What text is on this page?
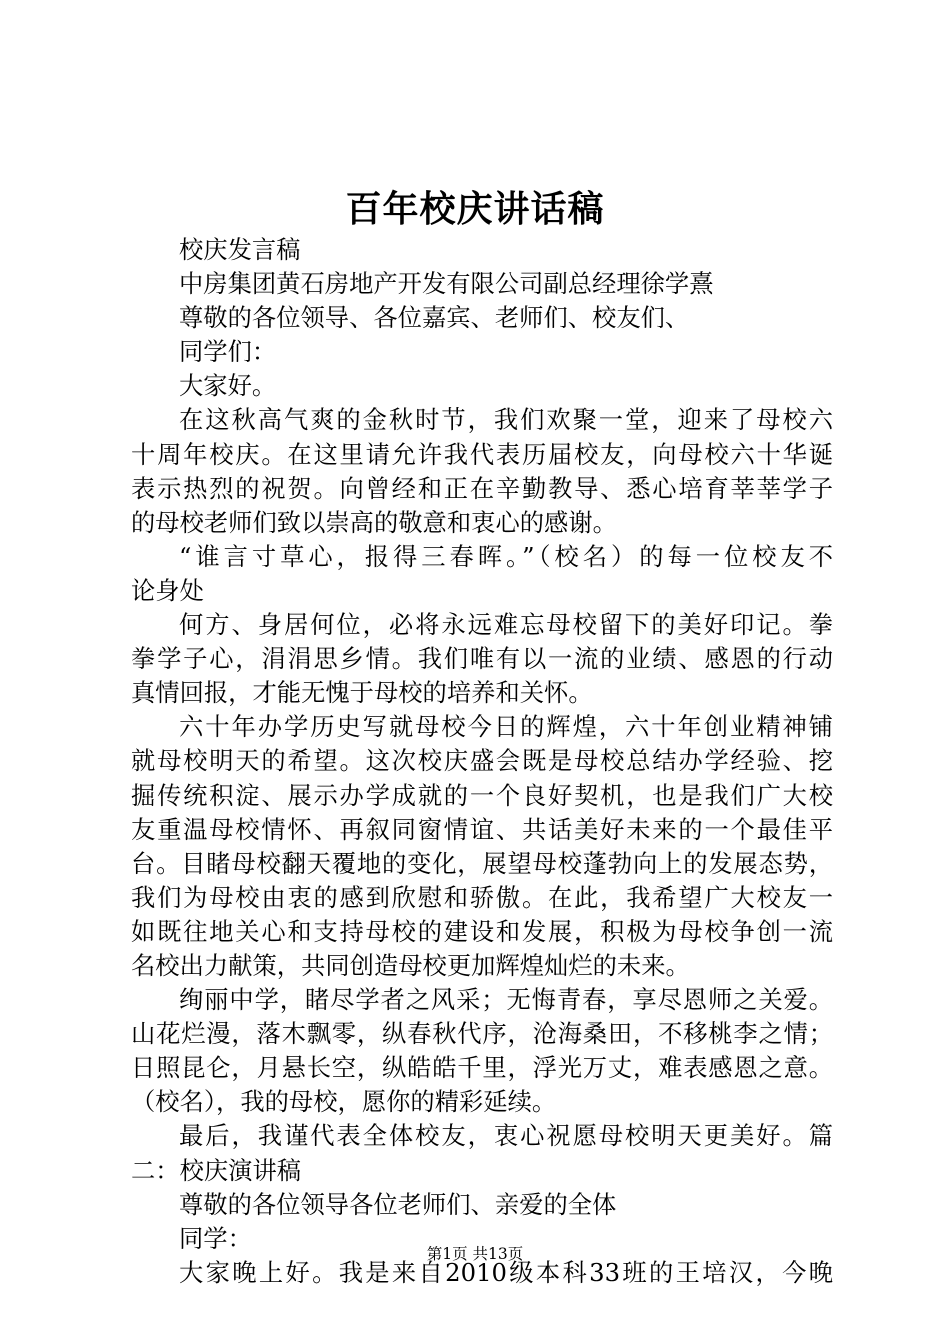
百年校庆讲话稿
校庆发言稿
中房集团黄石房地产开发有限公司副总经理徐学熹
尊敬的各位领导、各位嘉宾、老师们、校友们、
同学们：
大家好。
在这秋高气爽的金秋时节，我们欢聚一堂，迎来了母校六
十周年校庆。在这里请允许我代表历届校友，向母校六十华诞
表示热烈的祝贺。向曾经和正在辛勤教导、悉心培育莘莘学子
的母校老师们致以崇高的敬意和衷心的感谢。
“谁言寸草心，报得三春晖。”（校名）的每一位校友不
论身处
何方、身居何位，必将永远难忘母校留下的美好印记。拳
拳学子心，涓涓思乡情。我们唯有以一流的业绩、感恩的行动
真情回报，才能无愧于母校的培养和关怀。
六十年办学历史写就母校今日的辉煌，六十年创业精神铺
就母校明天的希望。这次校庆盛会既是母校总结办学经验、挖
掘传统积淀、展示办学成就的一个良好契机，也是我们广大校
友重温母校情怀、再叙同窗情谊、共话美好未来的一个最佳平
台。目睹母校翻天覆地的变化，展望母校蓬勃向上的发展态势，
我们为母校由衷的感到欣慰和骄傲。在此，我希望广大校友一
如既往地关心和支持母校的建设和发展，积极为母校争创一流
名校出力献策，共同创造母校更加辉煌灿烂的未来。
绚丽中学，睹尽学者之风采；无悔青春，享尽恩师之关爱。
山花烂漫，落木飘零，纵春秋代序，沧海桑田，不移桃李之情；
日照昆仑，月悬长空，纵皓皓千里，浮光万丈，难表感恩之意。
（校名），我的母校，愿你的精彩延续。
最后，我谨代表全体校友，衷心祝愿母校明天更美好。篇
二：校庆演讲稿
尊敬的各位领导各位老师们、亲爱的全体
同学：
大家晚上好。我是来自2010级本科33班的王培汉，今晚
第1页 共13页
